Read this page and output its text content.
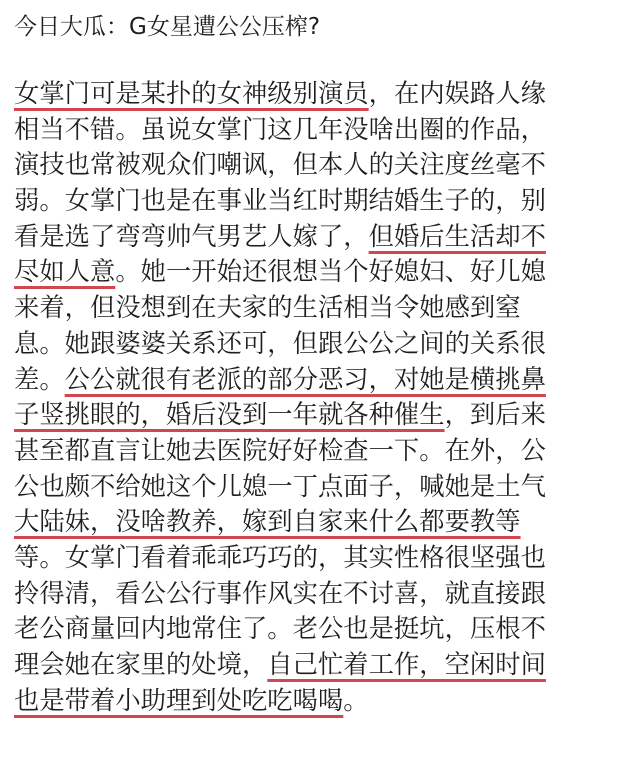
今日大瓜：G女星遭公公压榨?
女掌门可是某扑的女神级别演员，在内娱路人缘
相当不错。虽说女掌门这几年没啥出圈的作品，
演技也常被观众们嘲讽，但本人的关注度丝毫不
弱。女掌门也是在事业当红时期结婚生子的，别
看是选了弯弯帅气男艺人嫁了，但婚后生活却不
尽如人意。她一开始还很想当个好媳妇、好儿媳
来着，但没想到在夫家的生活相当令她感到窒
息。她跟婆婆关系还可，但跟公公之间的关系很
差。公公就很有老派的部分恶习，对她是横挑鼻
子竖挑眼的，婚后没到一年就各种催生，到后来
甚至都直言让她去医院好好检查一下。在外，公
公也颇不给她这个儿媳一丁点面子，喊她是土气
大陆妹，没啥教养，嫁到自家来什么都要教等
等。女掌门看着乖乖巧巧的，其实性格很坚强也
拎得清，看公公行事作风实在不讨喜，就直接跟
老公商量回内地常住了。老公也是挺坑，压根不
理会她在家里的处境，自己忙着工作，空闲时间
也是带着小助理到处吃吃喝喝。
